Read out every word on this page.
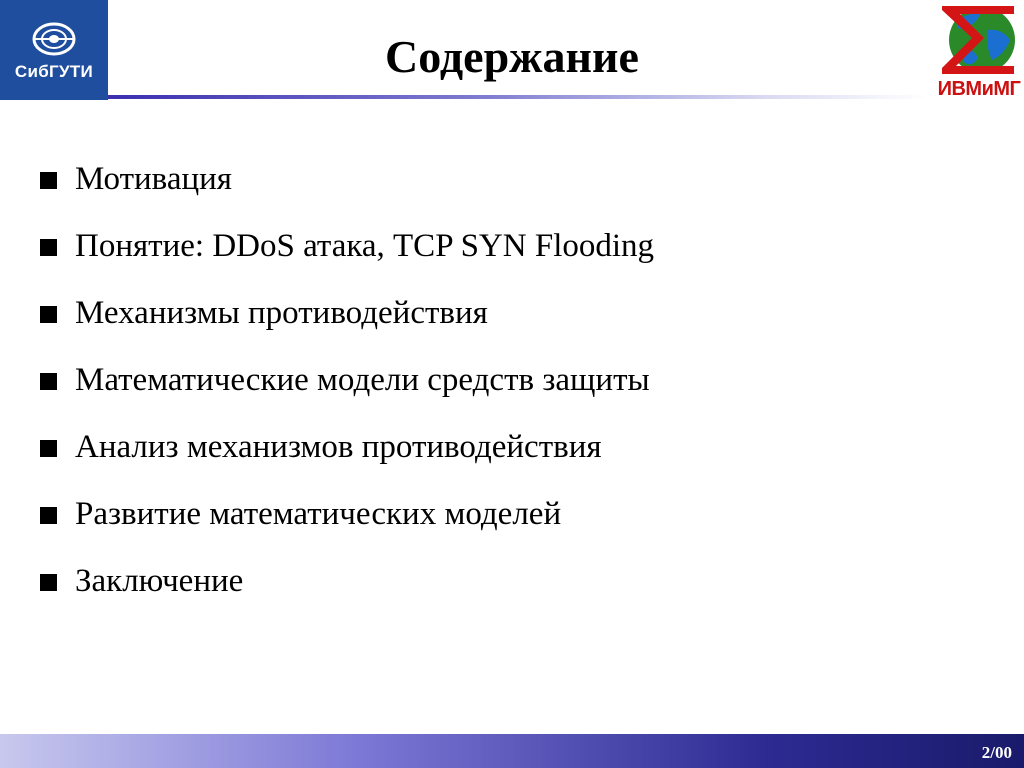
СибГУТИ	Содержание
ИВМиМГ
Мотивация
Понятие: DDoS атака, TCP SYN Flooding
Механизмы противодействия
Математические модели средств защиты
Анализ механизмов противодействия
Развитие математических моделей
Заключение
2/00
